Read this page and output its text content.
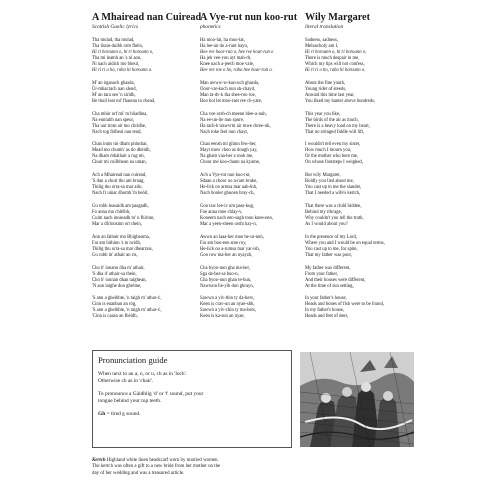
A Mhairead nan Cuiread
Scottish Gaelic lyrics
Tha mulad, tha mulad,
Tha liunn-duibh orm fhèin,
Hi ri horoann o, hi ri horoann o,
Tha mi leamh an 's ní aon,
Ni nach aidich mo bheul,
Hi ri ri o ho, raho hi horoann o.
M' an òganach ghasda,
Ùr-mhacrach nan sleud,
M' an tara seo 'n siridh,
Be thoil leat mi' fhaotan to chead,
Cha mhòr orf mi' m bliadhna,
Na eunlaith nan speur,
Tha uar trom air mo chridhe,
Nach tog fidheal nan teud,
Chan innis mi dham phiuthar,
Mead mo chumh' as do dhèidh,
Na dham mhàthair a rug mi,
Chuir mi cuilbheun na uman,
Ach a Mhairead nan cuiread,
'S dan a chuir thu am bruag,
Thilig thu orra-sa mar ailn,
Nach fr uinar dhomh 'm beòil,
Gu robh leasaidh am pasgadh,
Fo anna mo chlèibh,
Cuim nach innseadh tu' n fhìrinn,
Mar a dh'innsinn orr thein,
Ann an làthair mo Bhighearna,
Far am bithinn 's tu ncidh,
Thilig thu orra-sa mar dhearrais,
Gu robh m' athair an ris,
Cho b' ionann dha m' athair,
'S dha d' athair-sa thein,
Cho b' ionnan dhan taighean,
'N aon laighe don ghrèine,
'S ann a gheibhte, 'n taigh m' athar-s',
Cinn is euanban an ròg,
'S ann a gheibhte, 'n taigh m' athar-s',
'Cinn is casan an fhèidh,
A Vye-rut nun koo-rut
phonetics
Ha moo-lat, ha moo-lat,
Ha lee-un do a-runt hayn,
Hee ree hoar-run o, hee ree hoar-run o
Ha jeh vee-yun ayt mah-rh,
Knee nach a-jeech moe vale,
Hee ree roe o ho, raho hee hoar-run o.
Man awww-w-kun-uch ghasda,
Ooor-var-kuch nun sh-chayd,
Man ta-dv-k tha shee-roo roe,
Boo hol let moo-raet ree ch-yate,
Cha voe orsh-ch meenn blee-a-nuh,
Na ee-un-lie nun spure,
Ha tach-k trawvrm air mwe chree-uh,
Nach toke feel nun chayt,
Chan eensh mi ghinn few-her,
Mayt mow choo as dough yay,
Na gham vaa-her a rook me,
Choor me koo-chann na kyame,
Ach a Vye-rut nun koo-rut,
Sdaan a choor oo a-ram bruke,
He-lick oo armsa mar aah-lnh,
Nach booler ghuoen bray-ch,
Goo taw lee-iv um pass-kug,
Foe anna moe chlay-v,
Kooeem nach een-sugh toon knee-nen,
Mar a yeen-sheen orsht hay-n,
Awwn an laaa-her moe he-ur-nuh,
Far am boo-een stoe roy,
He-lick oo a-rumsa mar yar-ish,
Goo row ma-her an nyayzh,
Cha byoo-nun gha ma-her,
Sga da-her-sa hoo-n,
Cha byoo-nun ghan te-hun,
Nawwnn lie-yih don ghrayn,
Sawwn a yiv-thin ty da-hers,
Keen is crav-un an nyae-shh,
Sawwn a yiv-chin ty ma-hers,
Keen is ka-sun an nyae,
Wily Margaret
literal translation
Sadness, sadness,
Melancholy am I,
Hi ri horoann o, hi ri horoann o,
There is much despair in me,
Which my lips will not confess,
Hi ri ri o ho, raho hi horoann o.
About the fine youth,
Young rider of steeds,
Around this time last year,
You liked my banter above hundreds,
This year you like,
The birds of the air as much,
There is a heavy load on my heart,
That no stringed fiddle will lift,
I wouldn't tell even my sister,
How much I mourn you,
Or the mother who bore me,
On whose footsteps I weighed,
But wily Margaret,
Boldly you lied about me,
You cast up to me the slander,
That I needed a wife's kertch,
That there was a child hidden,
Behind my ribcage,
Why couldn't you tell the truth,
As I would about you?
In the presence of my Lord,
Where you and I would be on equal terms,
You cast up to me, for spite,
That my father was poor,
My father was different,
From your father,
And their houses were different,
At the time of sun setting,
In your father's house,
Heads and bones of fish were to be found,
In my father's house,
Heads and feet of deer,
Pronunciation guide
When next to an a, o, or u, ch as in 'loch'.
Otherwise ch as in 'chair'.
To pronounce a Gàidhlig 'd' or 't' sound, put your
tongue behind your top teeth.
Gh = tired g sound.
Kertch Highland white linen headscarf worn by married women.
The kertch was often a gift to a new bride from her mother on the
day of her wedding and was a treasured article.
